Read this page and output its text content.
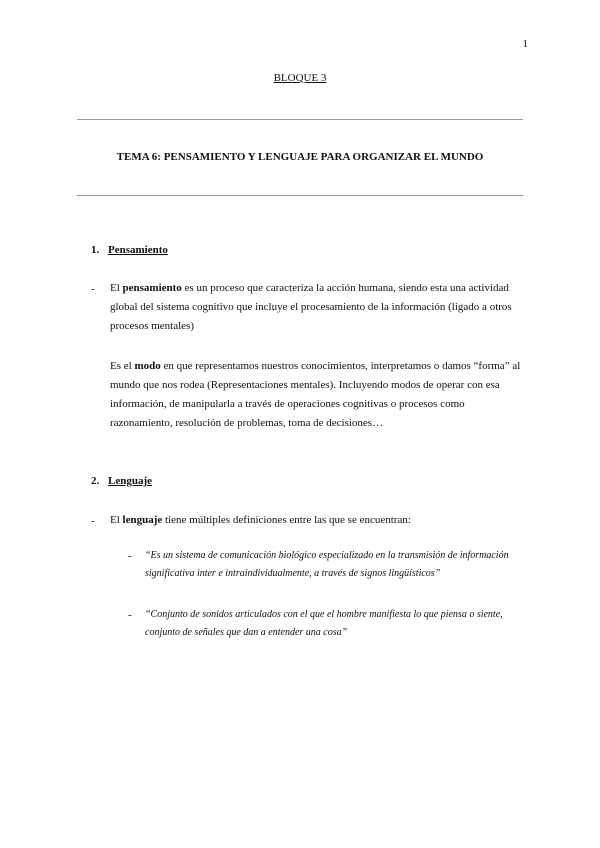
1
BLOQUE 3
TEMA 6: PENSAMIENTO Y LENGUAJE PARA ORGANIZAR EL MUNDO
1. Pensamiento
- El pensamiento es un proceso que caracteriza la acción humana, siendo esta una actividad global del sistema cognitivo que incluye el procesamiento de la información (ligado a otros procesos mentales)
Es el modo en que representamos nuestros conocimientos, interpretamos o damos “forma” al mundo que nos rodea (Representaciones mentales). Incluyendo modos de operar con esa información, de manipularla a través de operaciones cognitivas o procesos como razonamiento, resolución de problemas, toma de decisiones…
2. Lenguaje
- El lenguaje tiene múltiples definiciones entre las que se encuentran:
- “Es un sistema de comunicación biológico especializado en la transmisión de información significativa inter e intraindividualmente, a través de signos lingüísticos”
- “Conjunto de sonidos articulados con el que el hombre manifiesta lo que piensa o siente, conjunto de señales que dan a entender una cosa”
